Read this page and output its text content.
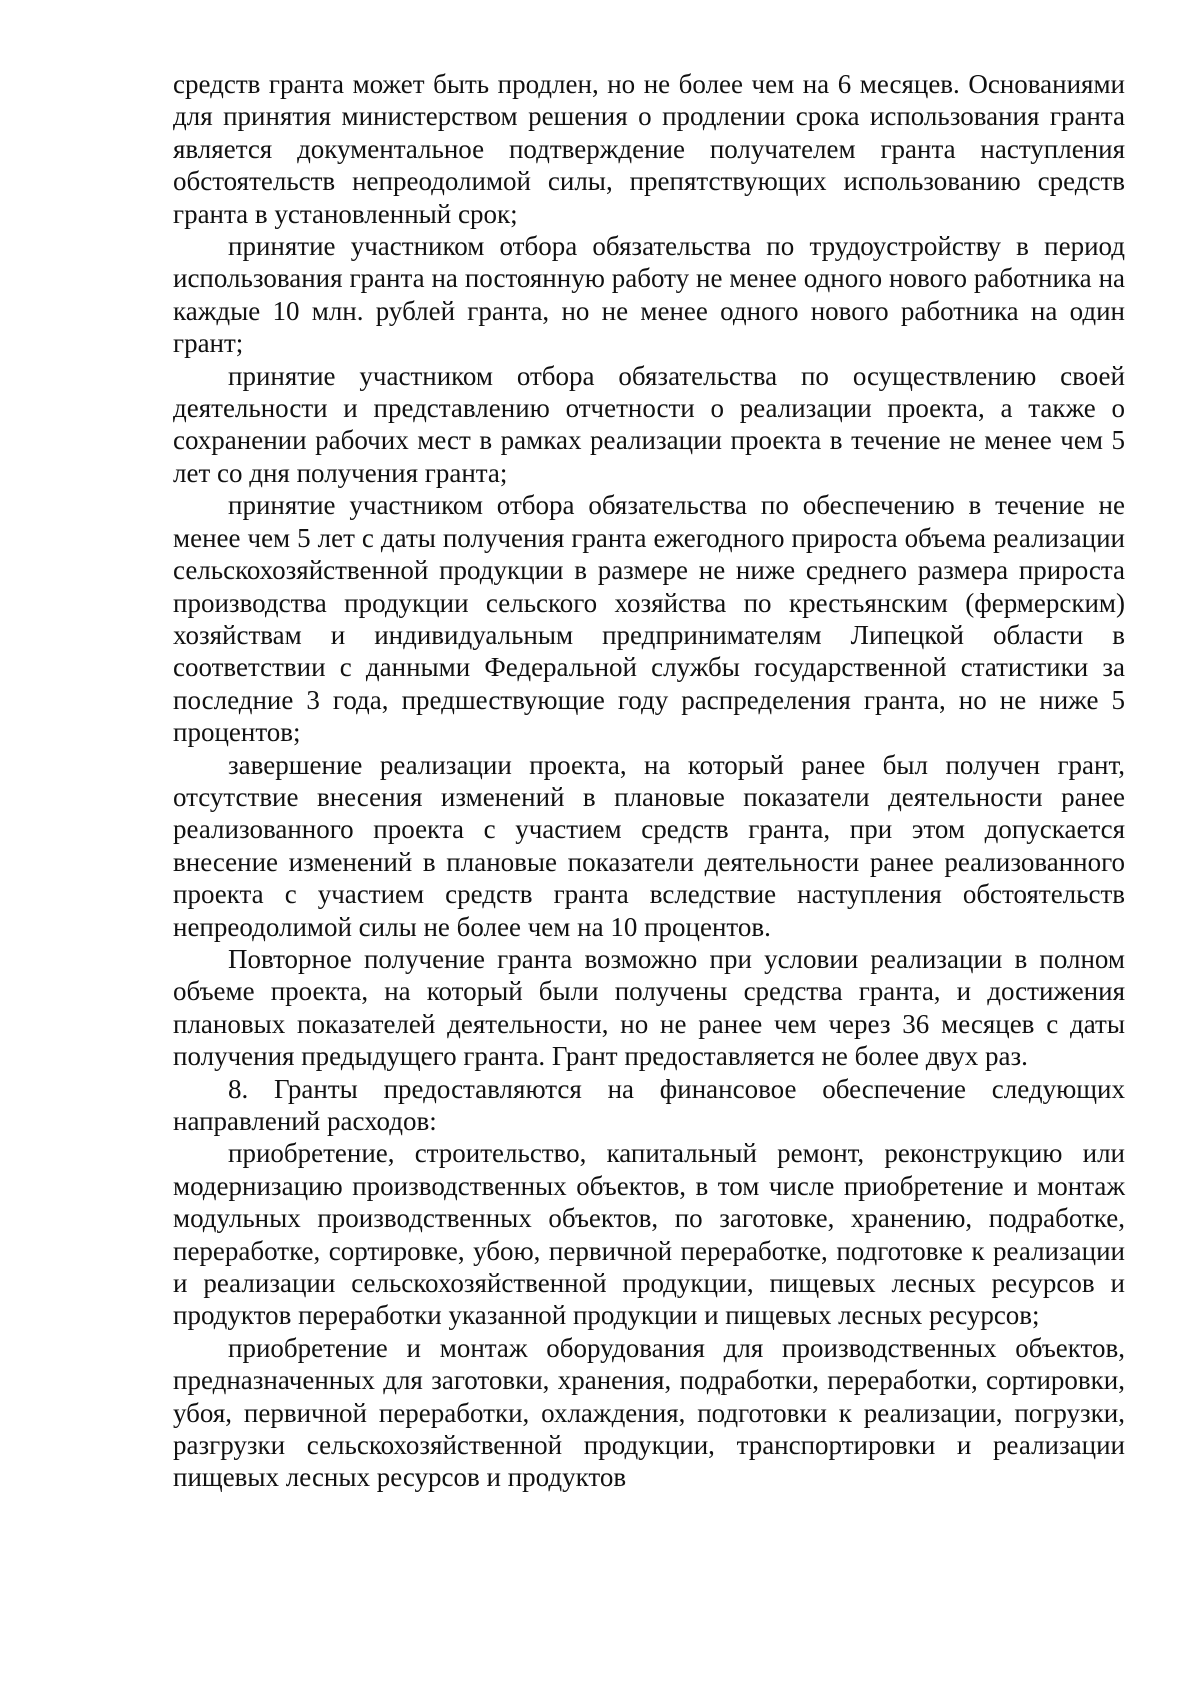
средств гранта может быть продлен, но не более чем на 6 месяцев. Основаниями для принятия министерством решения о продлении срока использования гранта является документальное подтверждение получателем гранта наступления обстоятельств непреодолимой силы, препятствующих использованию средств гранта в установленный срок;

принятие участником отбора обязательства по трудоустройству в период использования гранта на постоянную работу не менее одного нового работника на каждые 10 млн. рублей гранта, но не менее одного нового работника на один грант;

принятие участником отбора обязательства по осуществлению своей деятельности и представлению отчетности о реализации проекта, а также о сохранении рабочих мест в рамках реализации проекта в течение не менее чем 5 лет со дня получения гранта;

принятие участником отбора обязательства по обеспечению в течение не менее чем 5 лет с даты получения гранта ежегодного прироста объема реализации сельскохозяйственной продукции в размере не ниже среднего размера прироста производства продукции сельского хозяйства по крестьянским (фермерским) хозяйствам и индивидуальным предпринимателям Липецкой области в соответствии с данными Федеральной службы государственной статистики за последние 3 года, предшествующие году распределения гранта, но не ниже 5 процентов;

завершение реализации проекта, на который ранее был получен грант, отсутствие внесения изменений в плановые показатели деятельности ранее реализованного проекта с участием средств гранта, при этом допускается внесение изменений в плановые показатели деятельности ранее реализованного проекта с участием средств гранта вследствие наступления обстоятельств непреодолимой силы не более чем на 10 процентов.

Повторное получение гранта возможно при условии реализации в полном объеме проекта, на который были получены средства гранта, и достижения плановых показателей деятельности, но не ранее чем через 36 месяцев с даты получения предыдущего гранта. Грант предоставляется не более двух раз.

8. Гранты предоставляются на финансовое обеспечение следующих направлений расходов:

приобретение, строительство, капитальный ремонт, реконструкцию или модернизацию производственных объектов, в том числе приобретение и монтаж модульных производственных объектов, по заготовке, хранению, подработке, переработке, сортировке, убою, первичной переработке, подготовке к реализации и реализации сельскохозяйственной продукции, пищевых лесных ресурсов и продуктов переработки указанной продукции и пищевых лесных ресурсов;

приобретение и монтаж оборудования для производственных объектов, предназначенных для заготовки, хранения, подработки, переработки, сортировки, убоя, первичной переработки, охлаждения, подготовки к реализации, погрузки, разгрузки сельскохозяйственной продукции, транспортировки и реализации пищевых лесных ресурсов и продуктов
